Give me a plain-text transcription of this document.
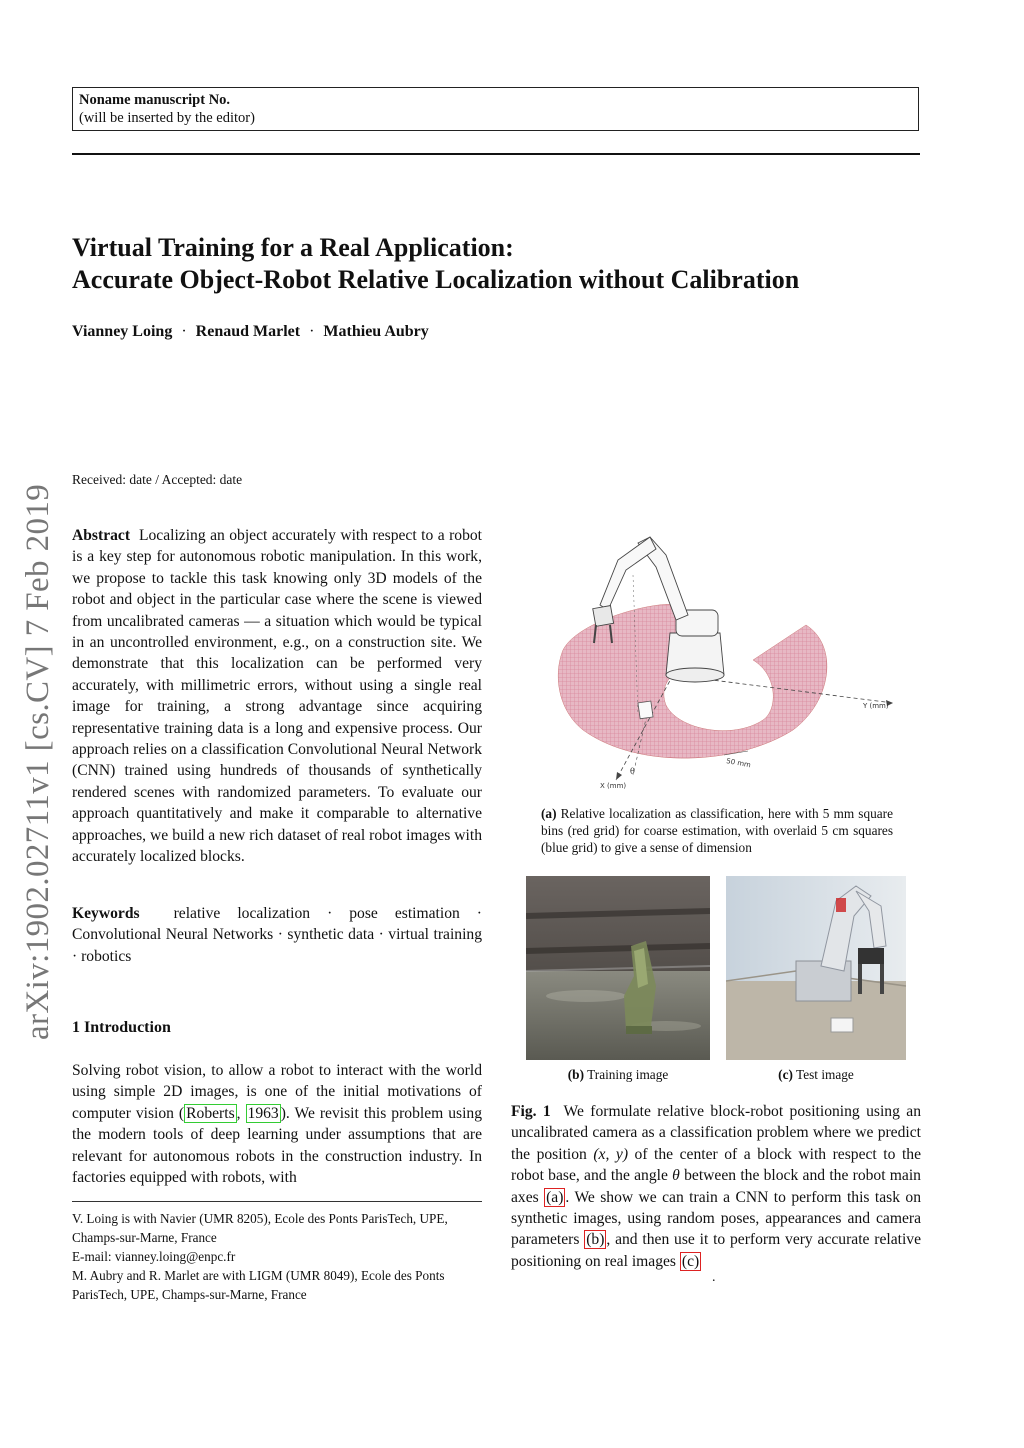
Noname manuscript No.
(will be inserted by the editor)
Virtual Training for a Real Application:
Accurate Object-Robot Relative Localization without Calibration
Vianney Loing · Renaud Marlet · Mathieu Aubry
arXiv:1902.02711v1 [cs.CV] 7 Feb 2019
Received: date / Accepted: date
Abstract Localizing an object accurately with respect to a robot is a key step for autonomous robotic manipulation. In this work, we propose to tackle this task knowing only 3D models of the robot and object in the particular case where the scene is viewed from uncalibrated cameras — a situation which would be typical in an uncontrolled environment, e.g., on a construction site. We demonstrate that this localization can be performed very accurately, with millimetric errors, without using a single real image for training, a strong advantage since acquiring representative training data is a long and expensive process. Our approach relies on a classification Convolutional Neural Network (CNN) trained using hundreds of thousands of synthetically rendered scenes with randomized parameters. To evaluate our approach quantitatively and make it comparable to alternative approaches, we build a new rich dataset of real robot images with accurately localized blocks.
Keywords relative localization · pose estimation · Convolutional Neural Networks · synthetic data · virtual training · robotics
1 Introduction
Solving robot vision, to allow a robot to interact with the world using simple 2D images, is one of the initial motivations of computer vision ( Roberts , 1963 ). We revisit this problem using the modern tools of deep learning under assumptions that are relevant for autonomous robots in the construction industry. In factories equipped with robots, with

V. Loing is with Navier (UMR 8205), Ecole des Ponts ParisTech, UPE, Champs-sur-Marne, France

E-mail: vianney.loing@enpc.fr

M. Aubry and R. Marlet are with LIGM (UMR 8049), Ecole des Ponts ParisTech, UPE, Champs-sur-Marne, France

Y (mm)
X (mm)
θ
50 mm
(a) Relative localization as classification, here with 5 mm square bins (red grid) for coarse estimation, with overlaid 5 cm squares (blue grid) to give a sense of dimension
(b) Training image	(c) Test image
Fig. 1 We formulate relative block-robot positioning using an uncalibrated camera as a classification problem where we predict the position (x, y) of the center of a block with respect to the robot base, and the angle θ between the block and the robot main axes (a) . We show we can train a CNN to perform this task on synthetic images, using random poses, appearances and camera parameters (b) , and then use it to perform very accurate relative positioning on real images (c)
.
